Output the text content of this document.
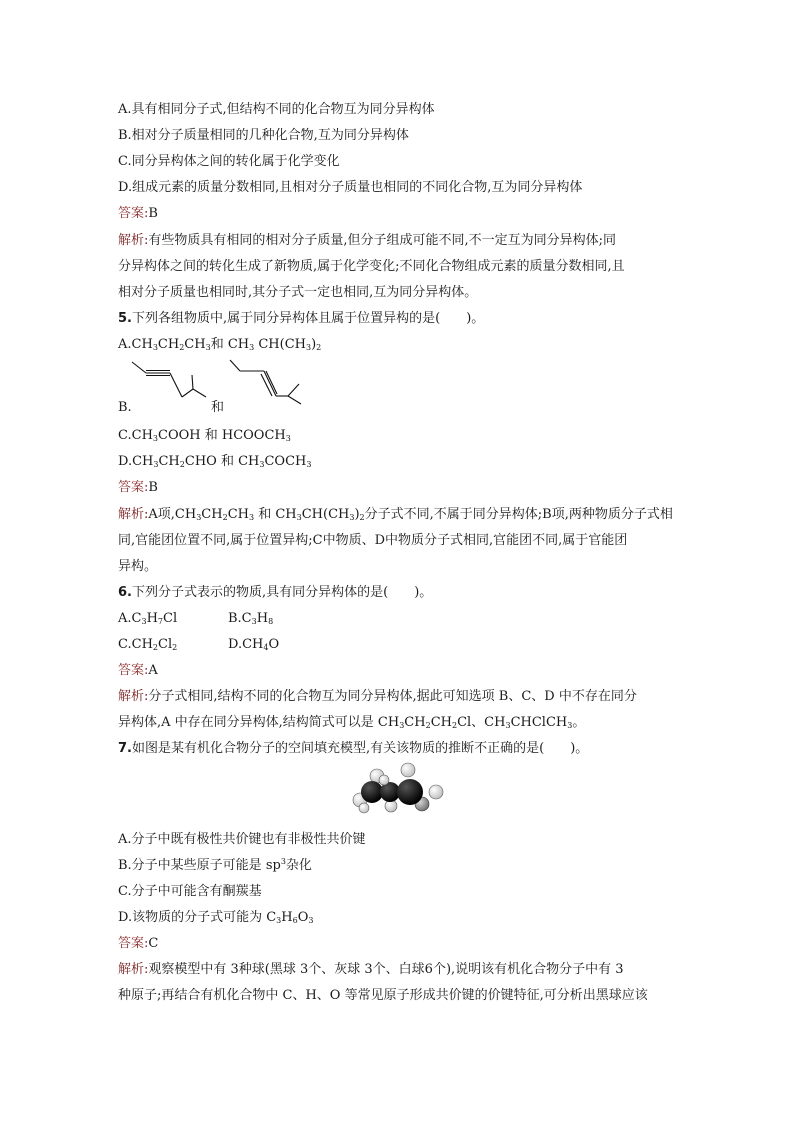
A.具有相同分子式,但结构不同的化合物互为同分异构体
B.相对分子质量相同的几种化合物,互为同分异构体
C.同分异构体之间的转化属于化学变化
D.组成元素的质量分数相同,且相对分子质量也相同的不同化合物,互为同分异构体
答案:B
解析:有些物质具有相同的相对分子质量,但分子组成可能不同,不一定互为同分异构体;同
分异构体之间的转化生成了新物质,属于化学变化;不同化合物组成元素的质量分数相同,且
相对分子质量也相同时,其分子式一定也相同,互为同分异构体。
5.下列各组物质中,属于同分异构体且属于位置异构的是(　　)。
$A.CH_3CH_2CH_3$和 $CH_3$ $CH(CH_3)_2$
B.	和
$C.CH_3COOH$ 和 $HCOOCH_3$
$D.CH_3CH_2CHO$ 和 $CH_3COCH_3$
答案:B
解析:A项$,CH_3CH_2CH_3$ 和 $CH_3CH(CH_3)_2$分子式不同,不属于同分异构体;B项,两种物质分子式相
同,官能团位置不同,属于位置异构;C中物质、D中物质分子式相同,官能团不同,属于官能团
异构。
6.下列分子式表示的物质,具有同分异构体的是(　　)。
$A.C_3H_7Cl$	$B.C_3H_8$
$C.CH_2Cl_2$	$D.CH_4O$
答案:A
解析:分子式相同,结构不同的化合物互为同分异构体,据此可知选项 B、C、D 中不存在同分
异构体,A 中存在同分异构体,结构简式可以是 $CH_3CH_2CH_2Cl$、$CH_3CHClCH_3$。
7.如图是某有机化合物分子的空间填充模型,有关该物质的推断不正确的是(　　)。
A.分子中既有极性共价键也有非极性共价键
B.分子中某些原子可能是 $sp^3$杂化
C.分子中可能含有酮羰基
D.该物质的分子式可能为 $C_3H_6O_3$
答案:C
解析:观察模型中有 3种球(黑球 3个、灰球 3个、白球6个),说明该有机化合物分子中有 3
种原子;再结合有机化合物中 C、H、O 等常见原子形成共价键的价键特征,可分析出黑球应该
